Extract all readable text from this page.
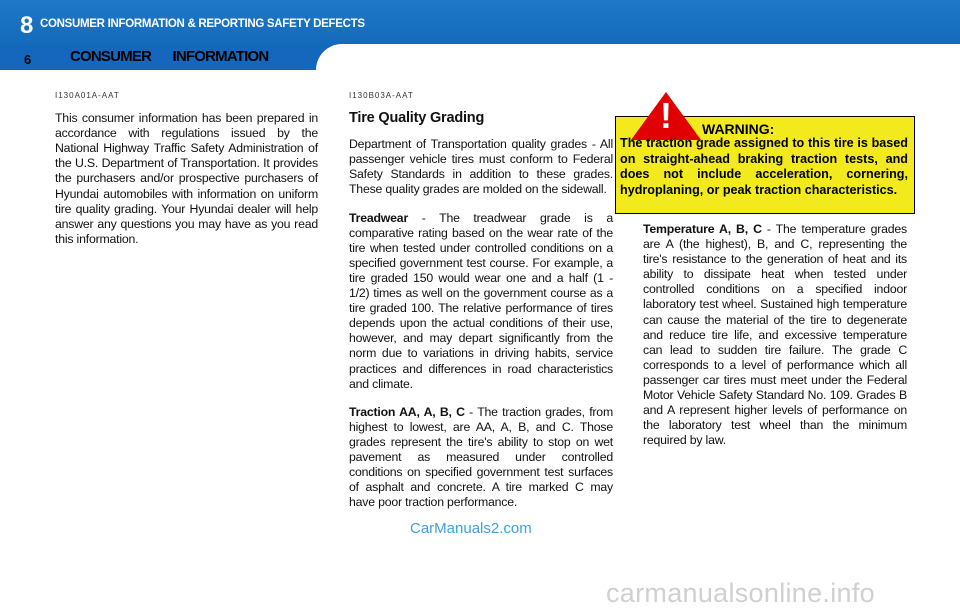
8 CONSUMER INFORMATION & REPORTING SAFETY DEFECTS
6	CONSUMER INFORMATION
I130A01A-AAT

This consumer information has been prepared in accordance with regulations issued by the National Highway Traffic Safety Administration of the U.S. Department of Transportation. It provides the purchasers and/or prospective purchasers of Hyundai automobiles with information on uniform tire quality grading. Your Hyundai dealer will help answer any questions you may have as you read this information.

I130B03A-AAT
Tire Quality Grading

Department of Transportation quality grades - All passenger vehicle tires must conform to Federal Safety Standards in addition to these grades. These quality grades are molded on the sidewall.

Treadwear - The treadwear grade is a comparative rating based on the wear rate of the tire when tested under controlled conditions on a specified government test course. For example, a tire graded 150 would wear one and a half (1 - 1/2) times as well on the government course as a tire graded 100. The relative performance of tires depends upon the actual conditions of their use, however, and may depart significantly from the norm due to variations in driving habits, service practices and differences in road characteristics and climate.

Traction AA, A, B, C - The traction grades, from highest to lowest, are AA, A, B, and C. Those grades represent the tire's ability to stop on wet pavement as measured under controlled conditions on specified government test surfaces of asphalt and concrete. A tire marked C may have poor traction performance.

!	WARNING:
The traction grade assigned to this tire is based on straight-ahead braking traction tests, and does not include acceleration, cornering, hydroplaning, or peak traction characteristics.

Temperature A, B, C - The temperature grades are A (the highest), B, and C, representing the tire's resistance to the generation of heat and its ability to dissipate heat when tested under controlled conditions on a specified indoor laboratory test wheel. Sustained high temperature can cause the material of the tire to degenerate and reduce tire life, and excessive temperature can lead to sudden tire failure. The grade C corresponds to a level of performance which all passenger car tires must meet under the Federal Motor Vehicle Safety Standard No. 109. Grades B and A represent higher levels of performance on the laboratory test wheel than the minimum required by law.

CarManuals2.com
carmanualsonline.info
